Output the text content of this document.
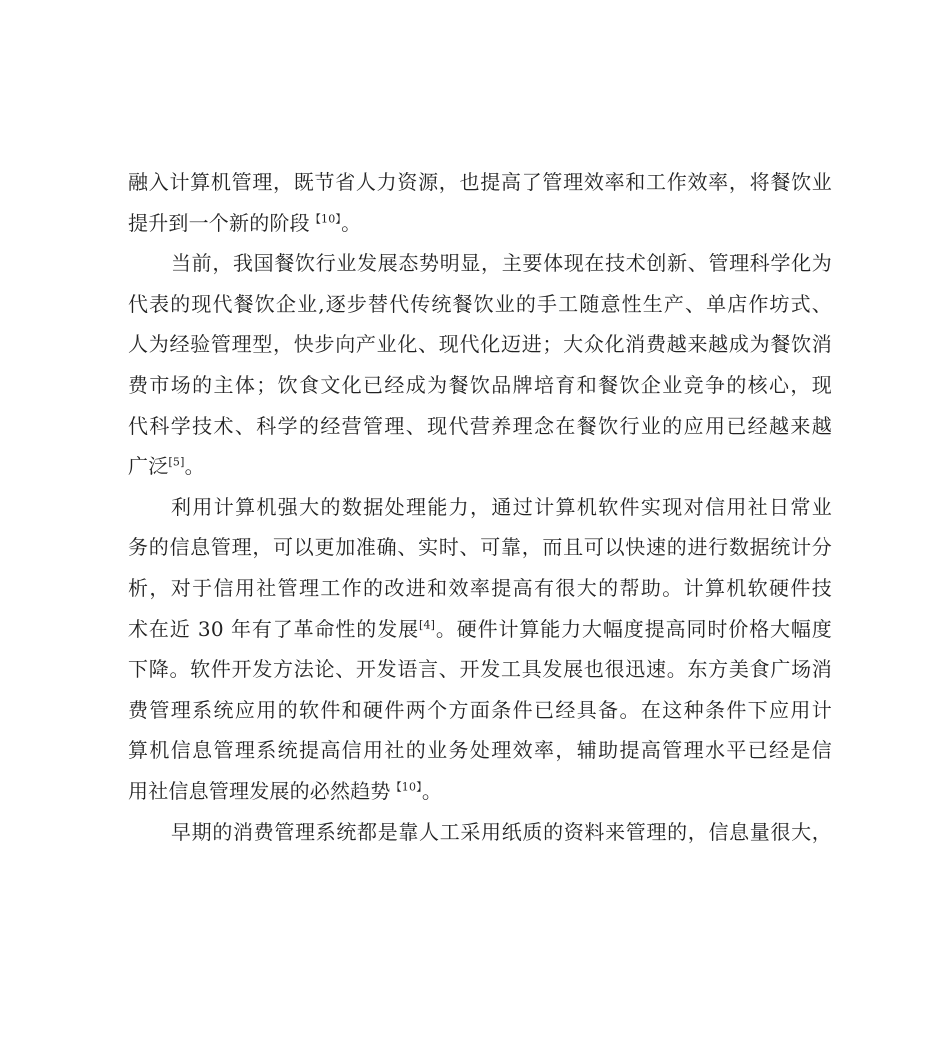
融入计算机管理，既节省人力资源，也提高了管理效率和工作效率，将餐饮业
提升到一个新的阶段$^{【10】}$。
当前，我国餐饮行业发展态势明显，主要体现在技术创新、管理科学化为
代表的现代餐饮企业,逐步替代传统餐饮业的手工随意性生产、单店作坊式、
人为经验管理型，快步向产业化、现代化迈进；大众化消费越来越成为餐饮消
费市场的主体；饮食文化已经成为餐饮品牌培育和餐饮企业竞争的核心，现
代科学技术、科学的经营管理、现代营养理念在餐饮行业的应用已经越来越
广泛[5]。
利用计算机强大的数据处理能力，通过计算机软件实现对信用社日常业
务的信息管理，可以更加准确、实时、可靠，而且可以快速的进行数据统计分
析，对于信用社管理工作的改进和效率提高有很大的帮助。计算机软硬件技
术在近 30 年有了革命性的发展[4]。硬件计算能力大幅度提高同时价格大幅度
下降。软件开发方法论、开发语言、开发工具发展也很迅速。东方美食广场消
费管理系统应用的软件和硬件两个方面条件已经具备。在这种条件下应用计
算机信息管理系统提高信用社的业务处理效率，辅助提高管理水平已经是信
用社信息管理发展的必然趋势$^{【10】}$。
早期的消费管理系统都是靠人工采用纸质的资料来管理的，信息量很大，
